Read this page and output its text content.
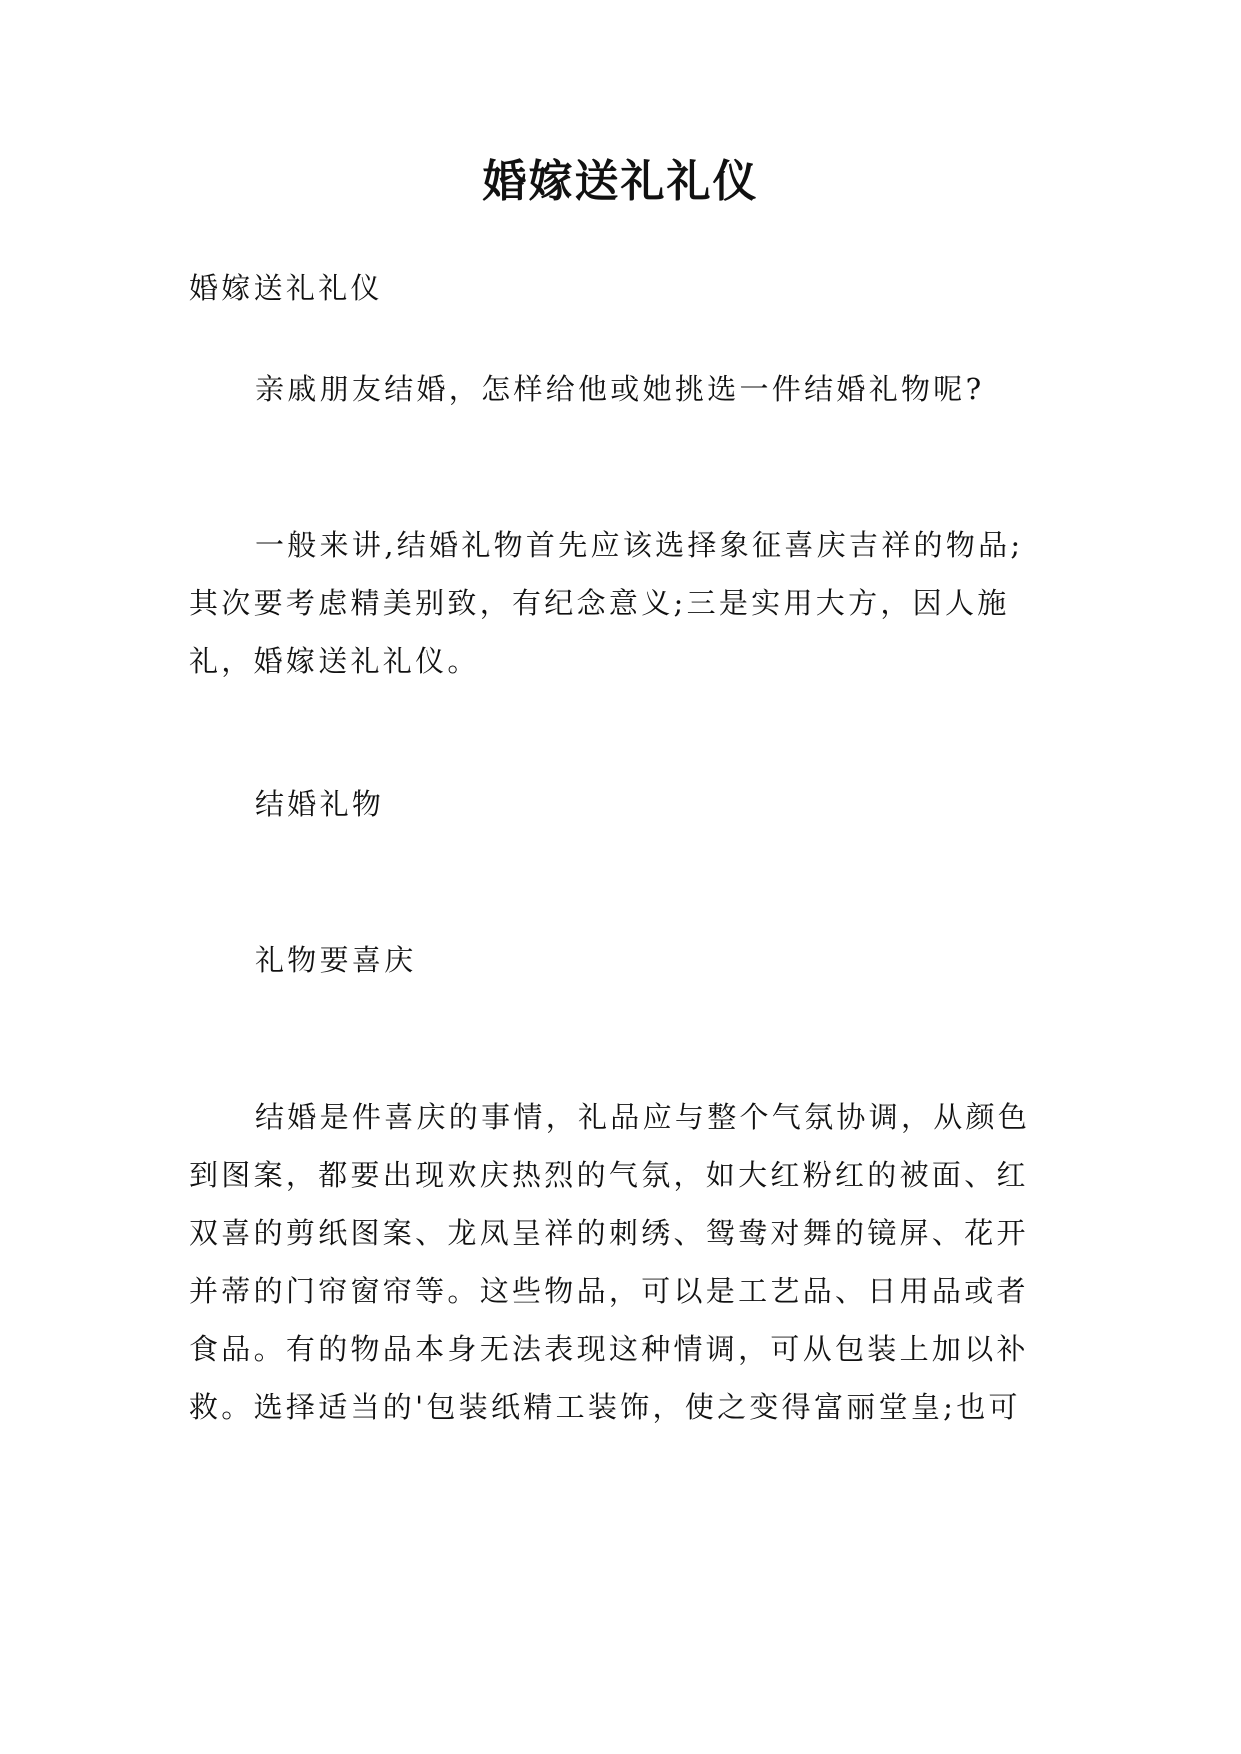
婚嫁送礼礼仪

婚嫁送礼礼仪

亲戚朋友结婚，怎样给他或她挑选一件结婚礼物呢?

一般来讲,结婚礼物首先应该选择象征喜庆吉祥的物品;其次要考虑精美别致，有纪念意义;三是实用大方，因人施礼，婚嫁送礼礼仪。

结婚礼物

礼物要喜庆

结婚是件喜庆的事情，礼品应与整个气氛协调，从颜色到图案，都要出现欢庆热烈的气氛，如大红粉红的被面、红双喜的剪纸图案、龙凤呈祥的刺绣、鸳鸯对舞的镜屏、花开并蒂的门帘窗帘等。这些物品，可以是工艺品、日用品或者食品。有的物品本身无法表现这种情调，可从包装上加以补救。选择适当的'包装纸精工装饰，使之变得富丽堂皇;也可
